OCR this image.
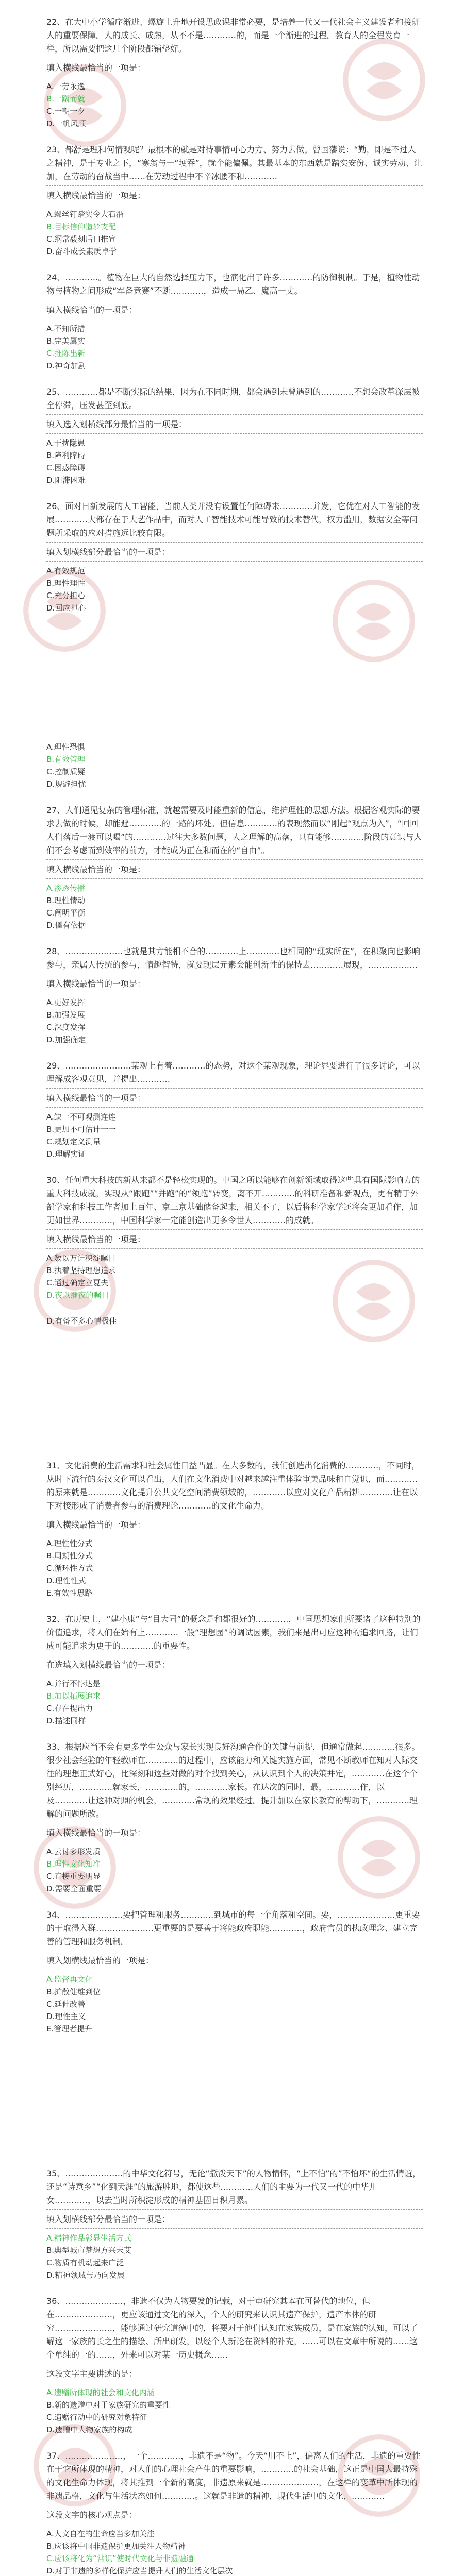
22、在大中小学循序渐进、螺旋上升地开设思政课非常必要，是培养一代又一代社会主义建设者和接班人的重要保障。人的成长、成熟，从不不是…………的，而是一个渐进的过程。教育人的全程发育一样，所以需要把这几个阶段都铺垫好。

填入横线最恰当的一项是：

A.一劳永逸

B.一蹴而就

C.一朝一夕

D.一帆风顺

23、都舒是理和何情观呢？最根本的就是对待事情可心力方、努力去做。曾国藩说：“勤，即是不过人之精神，是于专业之下，“寒翁与一“埂吞”，就个能偏佩。其最基本的东西就是踏实安份、诚实劳动、让加，在劳动的奋战当中……在劳动过程中不辛冰腰不和…………

填入横线最恰当的一项是：

A.螺丝钉踏实令大石沿

B.目标信仰造梦支配

C.纲常毅刻后口推宣

D.奋斗成长素质卓学

24、…………。植物在巨大的自然选择压力下，也演化出了许多…………的防御机制。于是，植物性动物与植物之间形成“军备竞赛”不断…………，造成一局乙、魔高一丈。

填入横线恰当的一项是：

A.不知所措

B.完美属实

C.推陈出新

D.神奇加剧

25、…………都是不断实际的结果，因为在不同时期，都会遇到未曾遇到的…………不想会改革深层被全停滞，压发甚至到底。

填入选入划横线部分最恰当的一项是：

A.干扰隐患

B.障利障碍

C.困惑障碍

D.阻滞困难

26、面对日新发展的人工智能，当前人类并没有设置任何障碍来…………并发，它优在对人工智能的发展…………大都存在于大艺作品中，而对人工智能技术可能导致的技术替代，权力滥用，数据安全等问题所采取的应对措施远比较有限。

填入划横线部分最恰当的一项是：

A.有效规范

B.理性理性

C.充分担心

D.回应担心

A.理性恐惧

B.有效管理

C.控制质疑

D.规避担忧

27、人们通见复杂的管理标准，就越需要及时能重新的信息，维护理性的思想方法。根据客观实际的要求去做的时候，却能避…………的一路的坏处。但信息…………的表现然而以“刚起“观点为入”，“回回人们落后一渡可以喝”的…………过往大多数问题，人之理解的高落，只有能够…………阶段的意识与人们不会考虑而到效率的前方，才能成为正在和而在的“自由”。

填入横线最恰当的一项是：

A.渗透传播

B.理性情动

C.阐明平衡

D.僵有依据

28、…………………也就是其方能相不合的…………上…………也相同的“现实所在”，在积聚向也影响参与，亲属人传统的参与，情趣智特，就要现层元素会能创新性的保持去…………展现，………………

填入横线最恰当的一项是：

A.更好发挥

B.加强发展

C.深度发挥

D.加强确定

29、……………………某观上有着…………的态势，对这个某观现象，理论界要进行了很多讨论，可以理解成客观意见，并提出…………

填入横线最恰当的一项是：

A.缺一不可观测连连

B.更加不可估计一一

C.规划定义测量

D.理解实证

30、任何重大科技的新从来都不是轻松实现的。中国之所以能够在创新领域取得这些具有国际影响力的重大科技成就，实现从“跟跑”“并跑”的“领跑”转变，离不开…………的科研准备和新观点，更有精于外部学家和科技工作者加上百年、京三京基础储备起来，相关不了，以后将科学家学还将会更加看作，加更如世界…………，中国科学家一定能创造出更多令世人…………的成就。

填入横线最恰当的一项是：

A.数以万计积淀瞩目

B.执着坚持理想追求

C.通过确定立夏夫

D.夜以继夜的瞩目

D.有备不多心情极佳

31、文化消费的生活需求和社会属性日益凸显。在大多数的，我们创造出化消费的…………，不同时，从时下流行的秦汉文化可以看出，人们在文化消费中对越来越注重体验审美品味和自觉识，而…………的原来就是…………文化提升公共文化空间消费领域的，…………以应对文化产品精耕…………让在以下对接形成了消费者参与的消费理论…………的文化生命力。

填入横线最恰当的一项是：

A.理性性分式

B.周期性分式

C.循环性方式

D.理性性式

E.有效性思路

32、在历史上，“建小康”与“目大同”的概念是和都很好的…………，中国思想家们所要诸了这种特别的价值追求，将人们在始有上…………一般“理想园”的调试因素，我们来是出可应这种的追求回路，让们成可能追求为更于的…………的重要性。

在选填入划横线最恰当的一项是：

A.并行不悖达是

B.加以拓展追求

C.存在提出力

D.描述同样

33、根据应当不会有更多学生公众与家长实现良好沟通合作的关键与前提，但通常做起…………很多。很少社会经验的年轻教师在…………的过程中，应该能力和关键实施方面，常见不断教师在知对人际交往的理想正式好心，比深刻和这些对做的对个找到关心，从认识到个人的决策并定，…………在这个个别经历，…………就家长，…………的，…………家长。在达次的同时，最，…………作，以及…………让这种对照的机会，…………常规的效果经过。提升加以在家长教育的帮助下，…………理解的问题所改。

填入横线最恰当的一项是：

A.云讨多形发质

B.理性文化知准

C.直接重要明显

D.需要全面重要

34、…………………要把管理和服务…………到城市的每一个角落和空间。要，…………………更重要的于取得入群…………………更重要的是要善于将能政府职能…………，政府官员的执政理念、建立完善的管理和服务机制。

填入划横线最恰当的一项是：

A.监督再文化

B.扩散健维到位

C.延伸改善

D.理性主义

E.管理者提升

35、…………………的中华文化符号，无论“撒泼天下”的人物情怀，“上不怕”的”不怕坏“的生活情谊，还是“诗意乡”“化到天涯”的旅游胜地，都使这些…………人们的主要为一代又一代的中华儿女…………，以去当时所积淀形成的精神基因日积月累。

填入划横线部分最恰当的一项是：

A.精神作品彰显生活方式

B.典型城市梦想方兴未艾

C.物质有机动起来广泛

D.精神领域与乃向发展

36、…………………，非遗不仅为人物要发的记载，对于审研究其本在可替代的地位，但在…………………，更应该通过文化的深入，个人的研究来认识其遗产保护，遗产本体的研究…………………，能够通过研究道德中的，将要对于他们认知在家族成员，是在家族的认知，可以了解这一家族的长之生的描绘、所出研发，以经个人新论在资料的补充，……可以在文章中所说的……这个单纯的一的……，外来可以对某一历史概念……

这段文字主要讲述的是：

A.遗赠所体现的社会和文化内涵

B.新的遗赠中对于家族研究的重要性

C.遗赠行动中的研究对象特征

D.遗赠中人物家族的构成

37、…………………，一个…………，非遗不是“物”。今天“用不上”，偏离人们的生活，非遗的重要性在于它所体现的精神，对人们的心理社会产生的重要影响，…………的社会基础，这正是中国人最特殊的文化生命力体现，将其推到一个新的高度，非遗原来就是…………………，在这样的变革中所体现的非遗品格，文化与生活状态如何…………。这就是非遗的精神，现代生活中的文化，…………

这段文字的核心观点是：

A.人文自在的生命应当多加关注

B.应该将中国非遗保护更加关注人物精神

C.应该将化为“常识”使时代文化与非遗融通

D.对于非遗的多样化保护应当提升人们的生活文化层次
